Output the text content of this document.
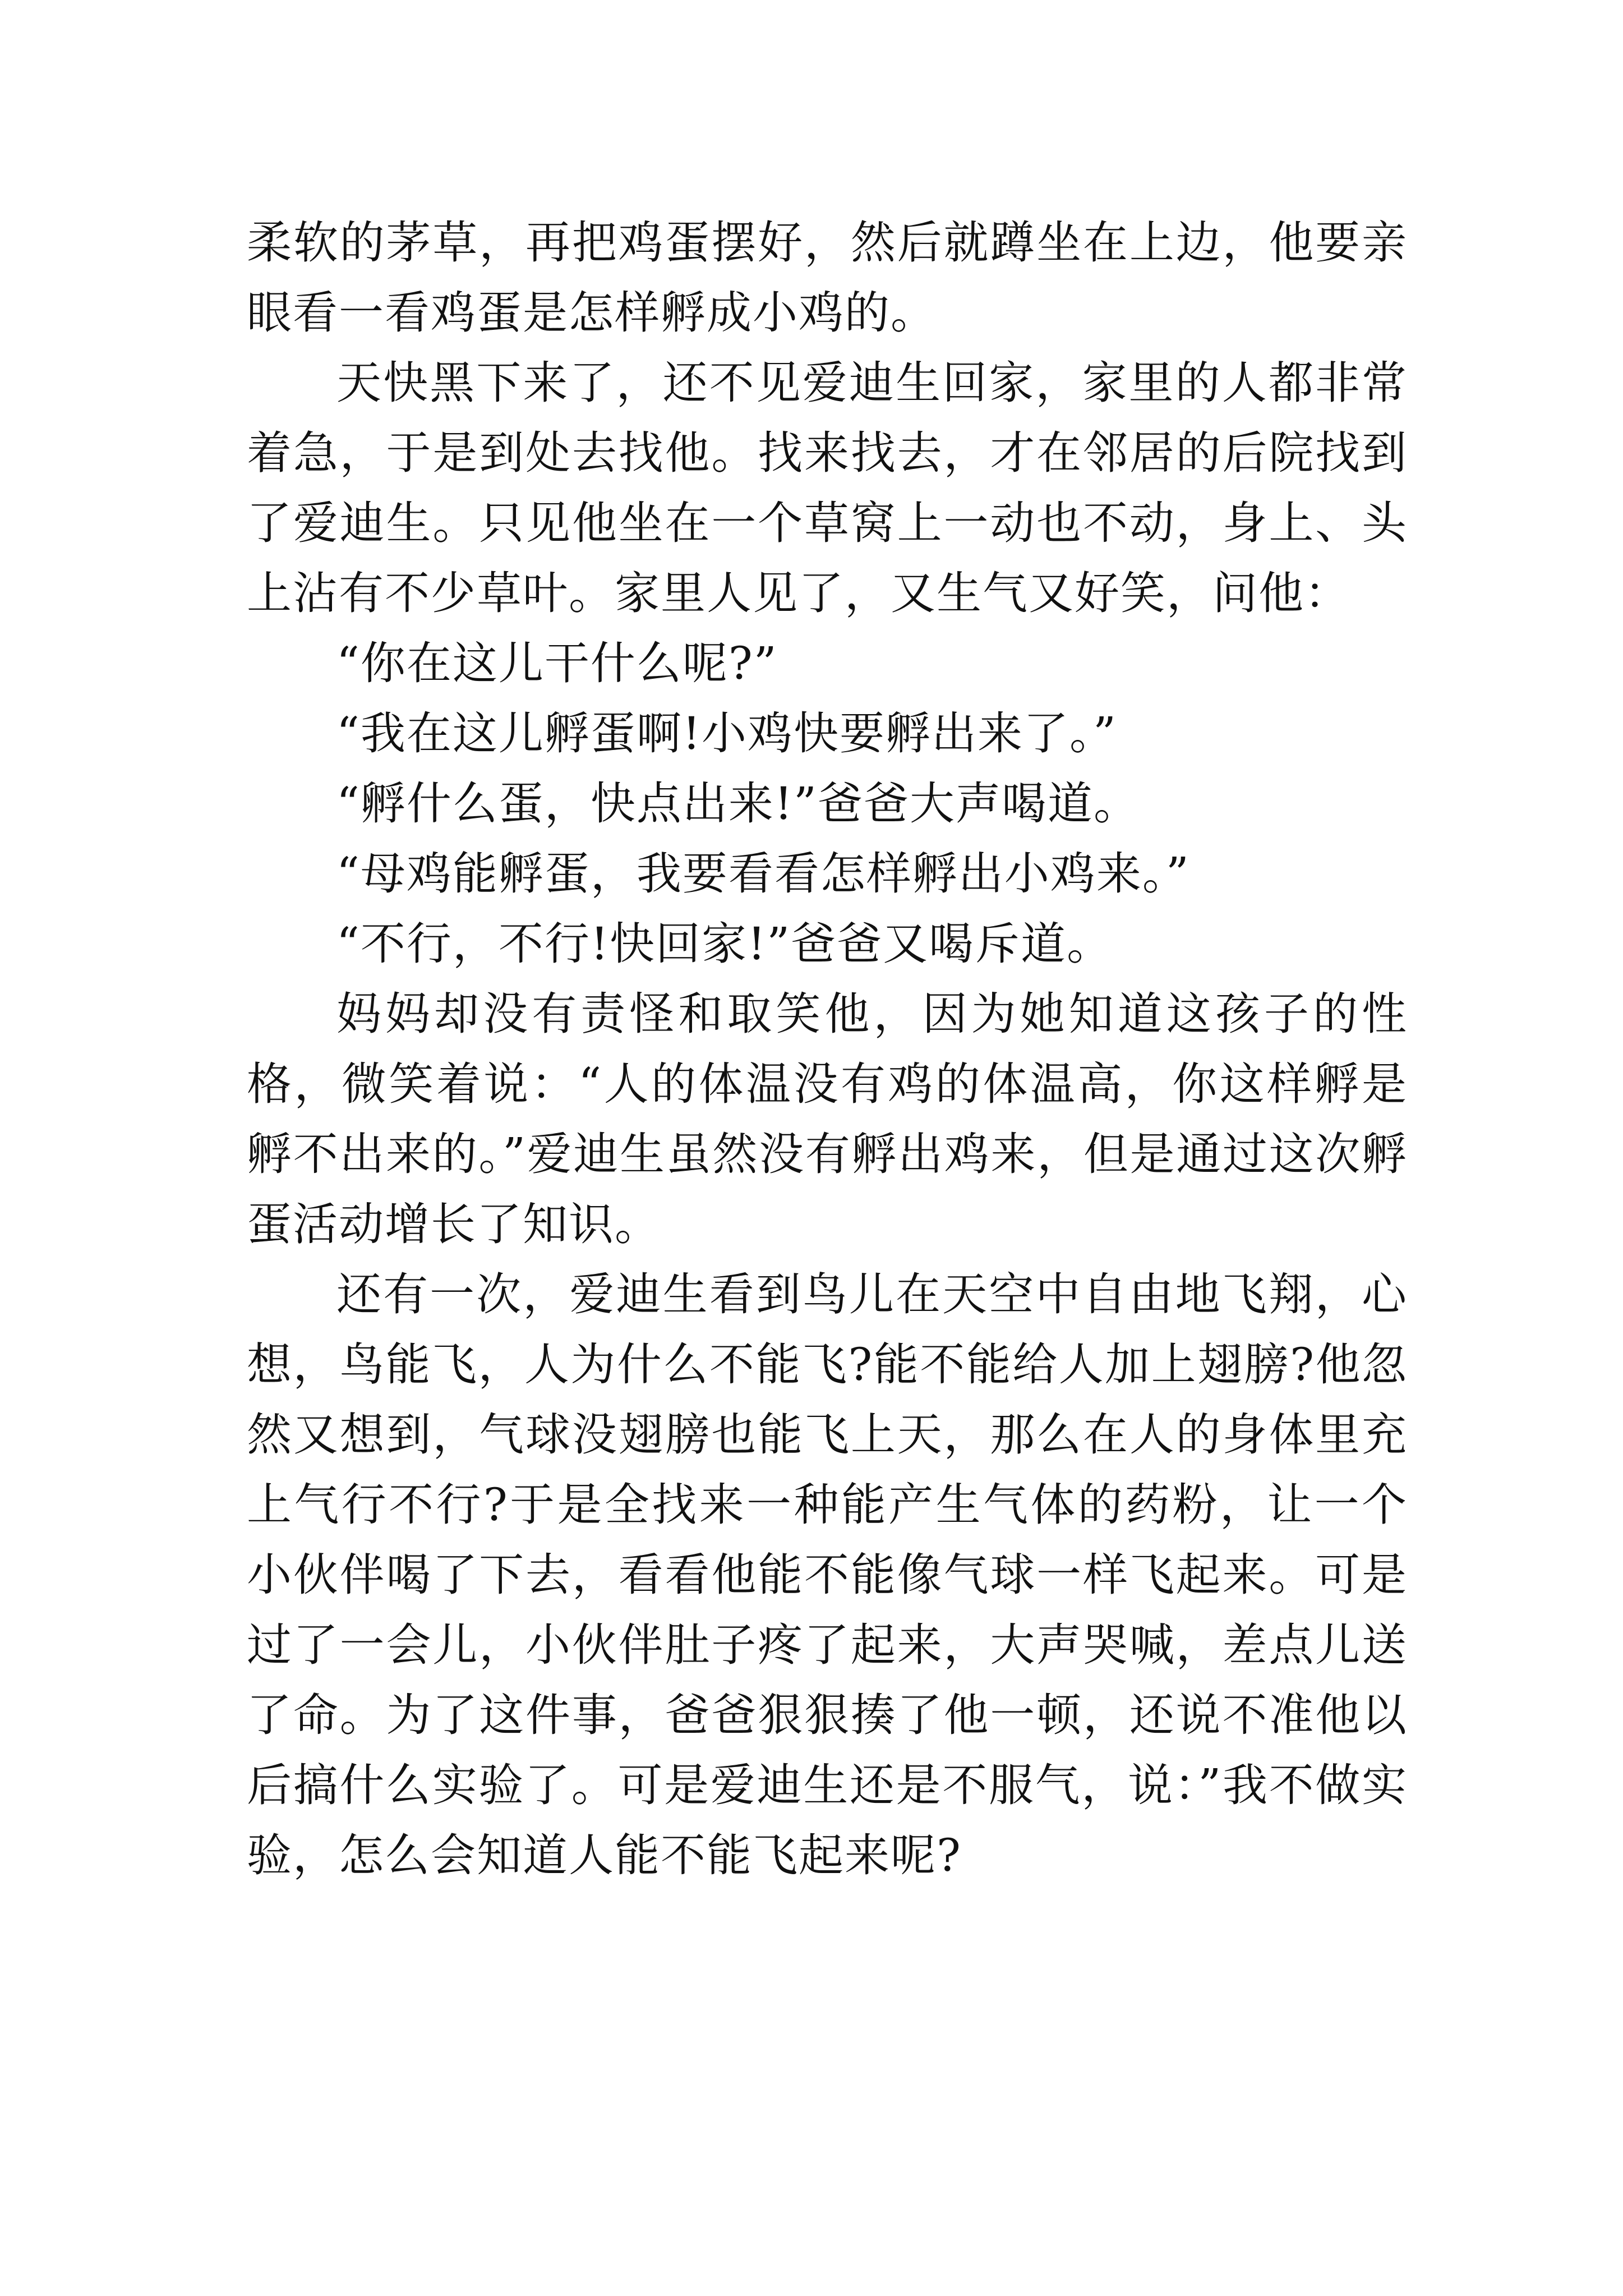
柔软的茅草，再把鸡蛋摆好，然后就蹲坐在上边，他要亲眼看一看鸡蛋是怎样孵成小鸡的。

天快黑下来了，还不见爱迪生回家，家里的人都非常着急，于是到处去找他。找来找去，才在邻居的后院找到了爱迪生。只见他坐在一个草窝上一动也不动，身上、头上沾有不少草叶。家里人见了，又生气又好笑，问他：

“你在这儿干什么呢?”

“我在这儿孵蛋啊!小鸡快要孵出来了。”

“孵什么蛋，快点出来!”爸爸大声喝道。

“母鸡能孵蛋，我要看看怎样孵出小鸡来。”

“不行，不行!快回家!”爸爸又喝斥道。

妈妈却没有责怪和取笑他，因为她知道这孩子的性格，微笑着说：“人的体温没有鸡的体温高，你这样孵是孵不出来的。”爱迪生虽然没有孵出鸡来，但是通过这次孵蛋活动增长了知识。

还有一次，爱迪生看到鸟儿在天空中自由地飞翔，心想，鸟能飞，人为什么不能飞?能不能给人加上翅膀?他忽然又想到，气球没翅膀也能飞上天，那么在人的身体里充上气行不行?于是全找来一种能产生气体的药粉，让一个小伙伴喝了下去，看看他能不能像气球一样飞起来。可是过了一会儿，小伙伴肚子疼了起来，大声哭喊，差点儿送了命。为了这件事，爸爸狠狠揍了他一顿，还说不准他以后搞什么实验了。可是爱迪生还是不服气，说：”我不做实验，怎么会知道人能不能飞起来呢?
